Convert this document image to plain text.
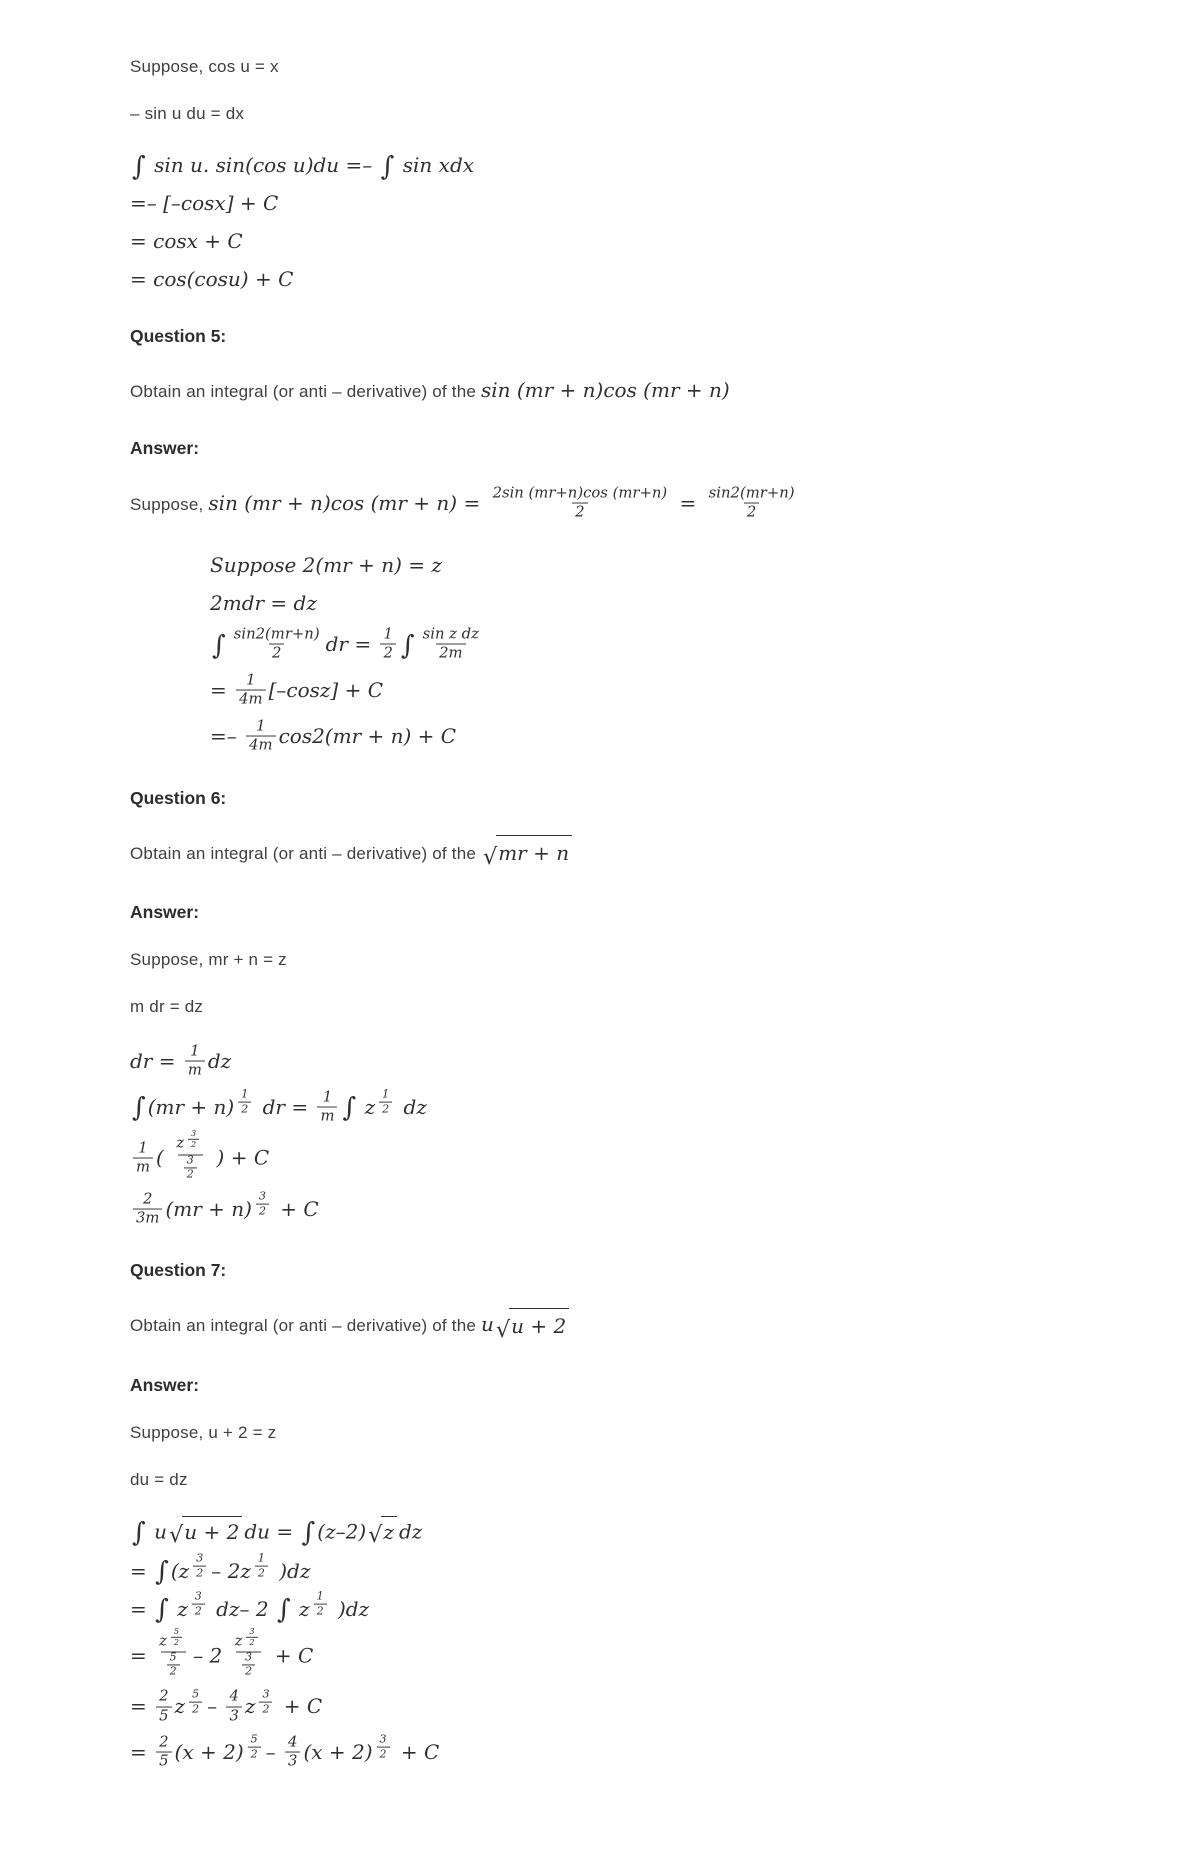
Suppose, cos u = x
– sin u du = dx
∫ sin u. sin(cos u)du =– ∫ sin xdx
=– [–cosx] + C
= cosx + C
= cos(cosu) + C
Question 5:
Obtain an integral (or anti – derivative) of the sin (mr + n)cos (mr + n)
Answer:
Suppose, sin (mr + n)cos $(mr + n) = \frac{2\sin (mr+n)\cos (mr+n)}{2} = \frac{\sin 2(mr+n)}{2}$
Suppose 2(mr + n) = z
2mdr = dz
∫ $\frac{\sin 2(mr+n)}{2}$ dr = $\frac{1}{2}$ ∫ $\frac{\text{sin z dz}}{2m}$
= $\frac{1}{4m} [-\cos z] + C$
=– $\frac{1}{4m} \cos 2(mr + n) + C$
Question 6:
Obtain an integral (or anti – derivative) of the √ mr + n
Answer:
Suppose, mr + n = z
m dr = dz
dr = $\frac{1}{m}$ dz
∫ $(mr + n) \frac{1}{2}$ dr = $\frac{1}{m}$ ∫ z $\frac{1}{2}$ dz
$\frac{1}{m}$ ( $\frac{z \frac{3}{2}}{\frac{3}{2}}$ ) + C
$\frac{2}{3m} (mr + n) \frac{3}{2} + C$
Question 7:
Obtain an integral (or anti – derivative) of the u √ u + 2
Answer:
Suppose, u + 2 = z
du = dz
∫ u √ u + 2 du = ∫ (z–2) √ z dz
= ∫ $(z \frac{3}{2} - 2z \frac{1}{2} )dz$
= ∫ z $\frac{3}{2} dz-$ 2 ∫ z $\frac{1}{2} )dz$
= $\frac{z \frac{5}{2}}{\frac{5}{2}} - 2 \frac{z \frac{3}{2}}{\frac{3}{2}} + C$
= $\frac{2}{5}$ z $\frac{5}{2} - \frac{4}{3}$ z $\frac{3}{2} + C$
= $\frac{2}{5} (x + 2) \frac{5}{2} - \frac{4}{3} (x + 2) \frac{3}{2} + C$
